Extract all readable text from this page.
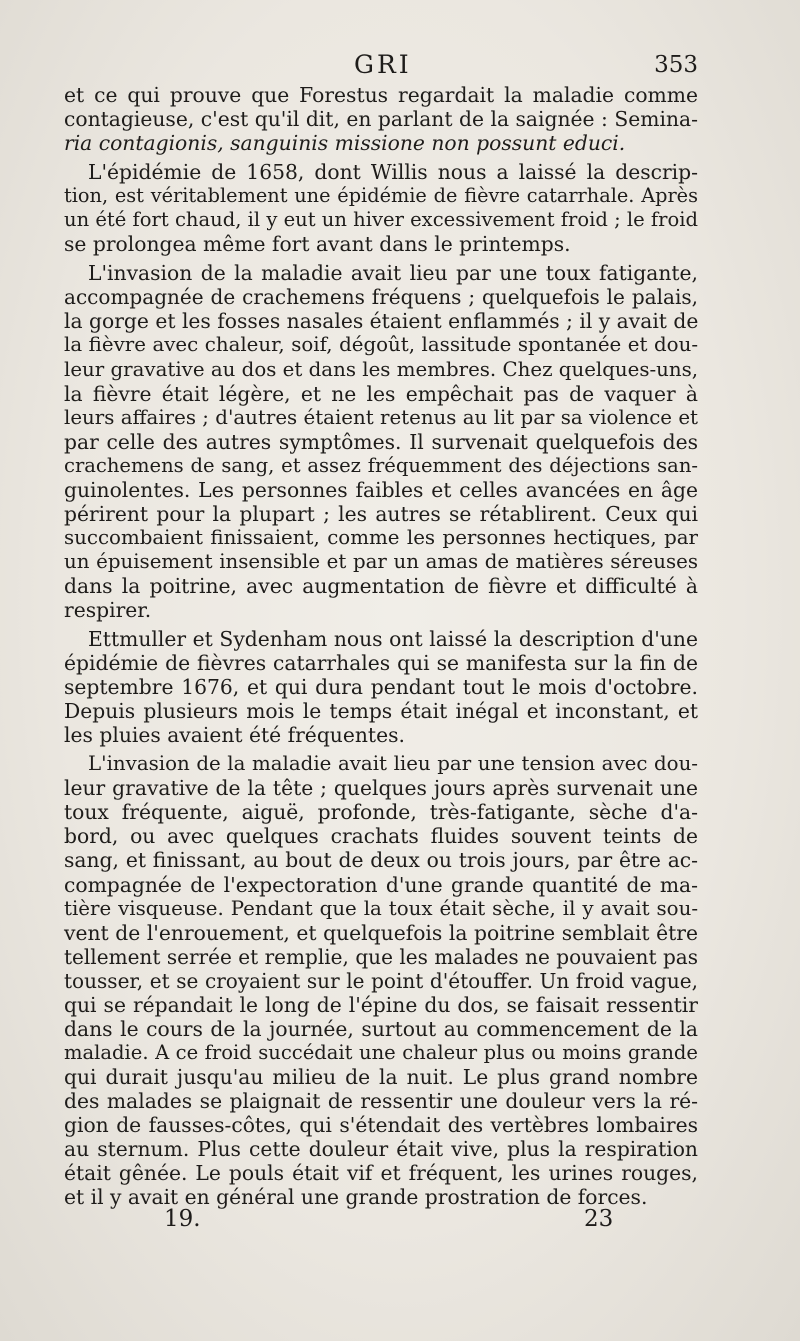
GRI	353
et ce qui prouve que Forestus regardait la maladie comme
contagieuse, c'est qu'il dit, en parlant de la saignée : Semina-
ria contagionis, sanguinis missione non possunt educi.
L'épidémie de 1658, dont Willis nous a laissé la descrip-
tion, est véritablement une épidémie de fièvre catarrhale. Après
un été fort chaud, il y eut un hiver excessivement froid ; le froid
se prolongea même fort avant dans le printemps.
L'invasion de la maladie avait lieu par une toux fatigante,
accompagnée de crachemens fréquens ; quelquefois le palais,
la gorge et les fosses nasales étaient enflammés ; il y avait de
la fièvre avec chaleur, soif, dégoût, lassitude spontanée et dou-
leur gravative au dos et dans les membres. Chez quelques-uns,
la fièvre était légère, et ne les empêchait pas de vaquer à
leurs affaires ; d'autres étaient retenus au lit par sa violence et
par celle des autres symptômes. Il survenait quelquefois des
crachemens de sang, et assez fréquemment des déjections san-
guinolentes. Les personnes faibles et celles avancées en âge
périrent pour la plupart ; les autres se rétablirent. Ceux qui
succombaient finissaient, comme les personnes hectiques, par
un épuisement insensible et par un amas de matières séreuses
dans la poitrine, avec augmentation de fièvre et difficulté à
respirer.
Ettmuller et Sydenham nous ont laissé la description d'une
épidémie de fièvres catarrhales qui se manifesta sur la fin de
septembre 1676, et qui dura pendant tout le mois d'octobre.
Depuis plusieurs mois le temps était inégal et inconstant, et
les pluies avaient été fréquentes.
L'invasion de la maladie avait lieu par une tension avec dou-
leur gravative de la tête ; quelques jours après survenait une
toux fréquente, aiguë, profonde, très-fatigante, sèche d'a-
bord, ou avec quelques crachats fluides souvent teints de
sang, et finissant, au bout de deux ou trois jours, par être ac-
compagnée de l'expectoration d'une grande quantité de ma-
tière visqueuse. Pendant que la toux était sèche, il y avait sou-
vent de l'enrouement, et quelquefois la poitrine semblait être
tellement serrée et remplie, que les malades ne pouvaient pas
tousser, et se croyaient sur le point d'étouffer. Un froid vague,
qui se répandait le long de l'épine du dos, se faisait ressentir
dans le cours de la journée, surtout au commencement de la
maladie. A ce froid succédait une chaleur plus ou moins grande
qui durait jusqu'au milieu de la nuit. Le plus grand nombre
des malades se plaignait de ressentir une douleur vers la ré-
gion de fausses-côtes, qui s'étendait des vertèbres lombaires
au sternum. Plus cette douleur était vive, plus la respiration
était gênée. Le pouls était vif et fréquent, les urines rouges,
et il y avait en général une grande prostration de forces.
19.	23
